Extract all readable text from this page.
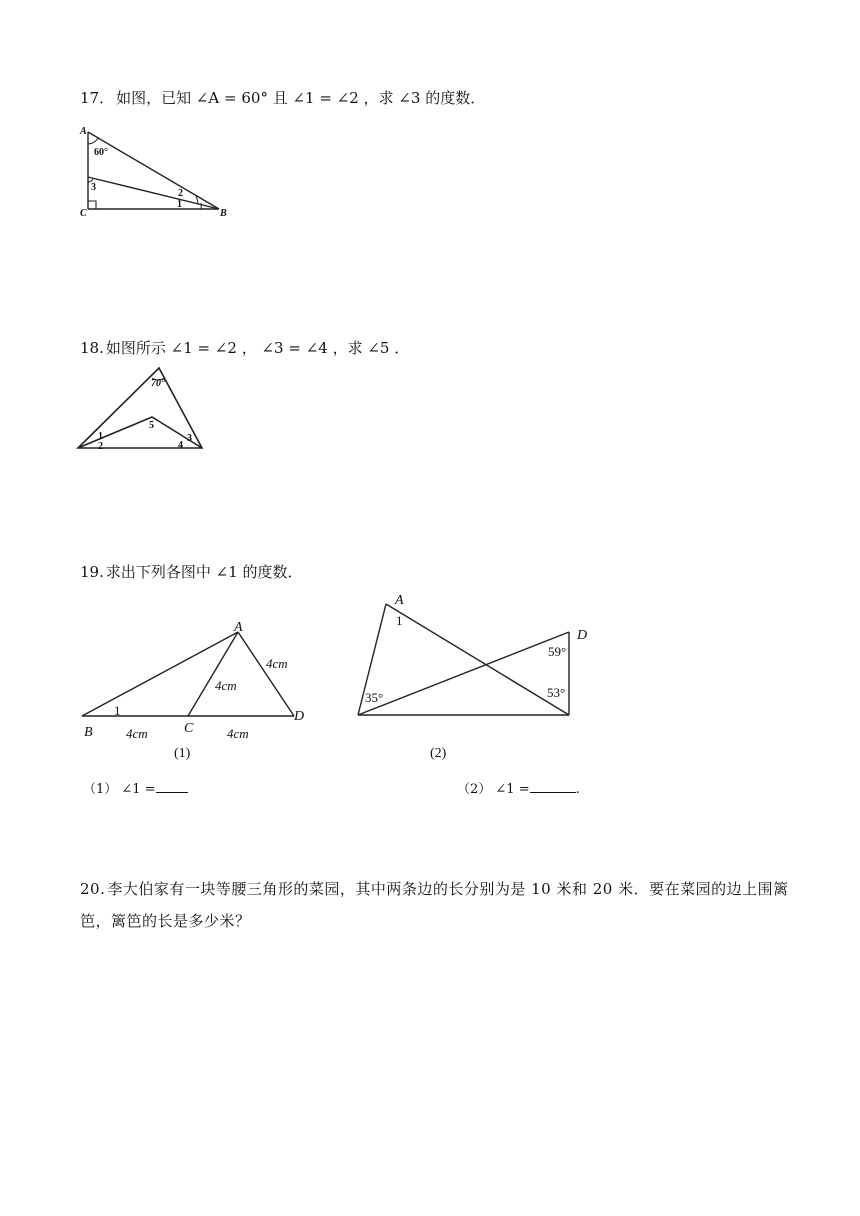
17． 如图，已知 ∠A = 60° 且 ∠1 = ∠2 ，求 ∠3 的度数．
A
B
C
60°
1
2
3
18. 如图所示 ∠1 = ∠2 ， ∠3 = ∠4 ，求 ∠5 ．
70°
1
2
3
4
5
19. 求出下列各图中 ∠1 的度数．
A
B	C
D
1
4cm
4cm
4cm	4cm
(1)
A
D
1
35°
59°
53°
(2)
（1） ∠1 =	（2） ∠1 =	.
20. 李大伯家有一块等腰三角形的菜园，其中两条边的长分别为是 10 米和 20 米．要在菜园的边上围篱笆，篱笆的长是多少米？
